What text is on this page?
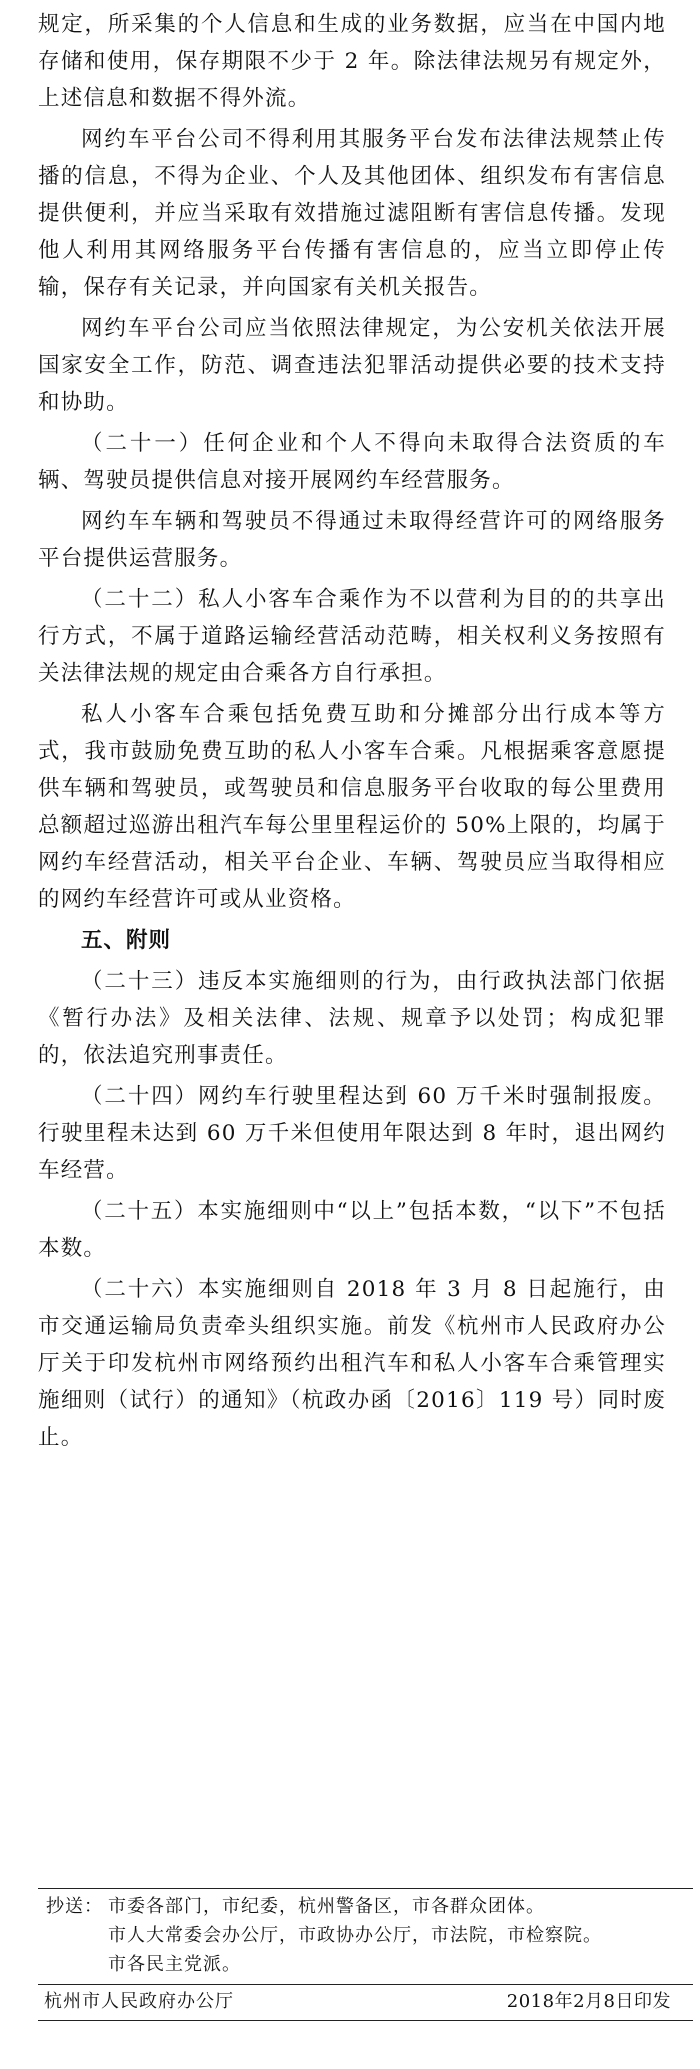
规定，所采集的个人信息和生成的业务数据，应当在中国内地存储和使用，保存期限不少于 2 年。除法律法规另有规定外，上述信息和数据不得外流。

网约车平台公司不得利用其服务平台发布法律法规禁止传播的信息，不得为企业、个人及其他团体、组织发布有害信息提供便利，并应当采取有效措施过滤阻断有害信息传播。发现他人利用其网络服务平台传播有害信息的，应当立即停止传输，保存有关记录，并向国家有关机关报告。

网约车平台公司应当依照法律规定，为公安机关依法开展国家安全工作，防范、调查违法犯罪活动提供必要的技术支持和协助。

（二十一）任何企业和个人不得向未取得合法资质的车辆、驾驶员提供信息对接开展网约车经营服务。

网约车车辆和驾驶员不得通过未取得经营许可的网络服务平台提供运营服务。

（二十二）私人小客车合乘作为不以营利为目的的共享出行方式，不属于道路运输经营活动范畴，相关权利义务按照有关法律法规的规定由合乘各方自行承担。

私人小客车合乘包括免费互助和分摊部分出行成本等方式，我市鼓励免费互助的私人小客车合乘。凡根据乘客意愿提供车辆和驾驶员，或驾驶员和信息服务平台收取的每公里费用总额超过巡游出租汽车每公里里程运价的 50%上限的，均属于网约车经营活动，相关平台企业、车辆、驾驶员应当取得相应的网约车经营许可或从业资格。

五、附则

（二十三）违反本实施细则的行为，由行政执法部门依据《暂行办法》及相关法律、法规、规章予以处罚；构成犯罪的，依法追究刑事责任。

（二十四）网约车行驶里程达到 60 万千米时强制报废。行驶里程未达到 60 万千米但使用年限达到 8 年时，退出网约车经营。

（二十五）本实施细则中“以上”包括本数，“以下”不包括本数。

（二十六）本实施细则自 2018 年 3 月 8 日起施行，由市交通运输局负责牵头组织实施。前发《杭州市人民政府办公厅关于印发杭州市网络预约出租汽车和私人小客车合乘管理实施细则（试行）的通知》（杭政办函〔2016〕119 号）同时废止。

抄送： 市委各部门，市纪委，杭州警备区，市各群众团体。
市人大常委会办公厅，市政协办公厅，市法院，市检察院。
市各民主党派。
杭州市人民政府办公厅	2018年2月8日印发
